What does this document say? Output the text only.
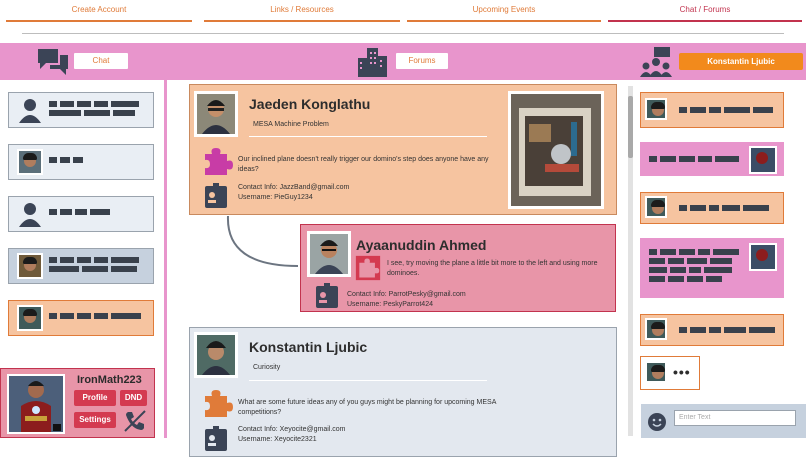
Create Account	Links / Resources	Upcoming Events	Chat / Forums
Chat	Forums	Konstantin Ljubic
IronMath223
Profile	DND
Settings
Jaeden Konglathu
MESA Machine Problem
Our inclined plane doesn't really trigger our domino's step does anyone have any ideas?
Contact Info: JazzBand@gmail.com
Username: PieGuy1234
Ayaanuddin Ahmed
I see, try moving the plane a little bit more to the left and using more dominoes.
Contact Info: ParrotPesky@gmail.com
Username: PeskyParrot424
Konstantin Ljubic
Curiosity
What are some future ideas any of you guys might be planning for upcoming MESA competitions?
Contact Info: Xeyocite@gmail.com
Username: Xeyocite2321
•••
Enter Text
